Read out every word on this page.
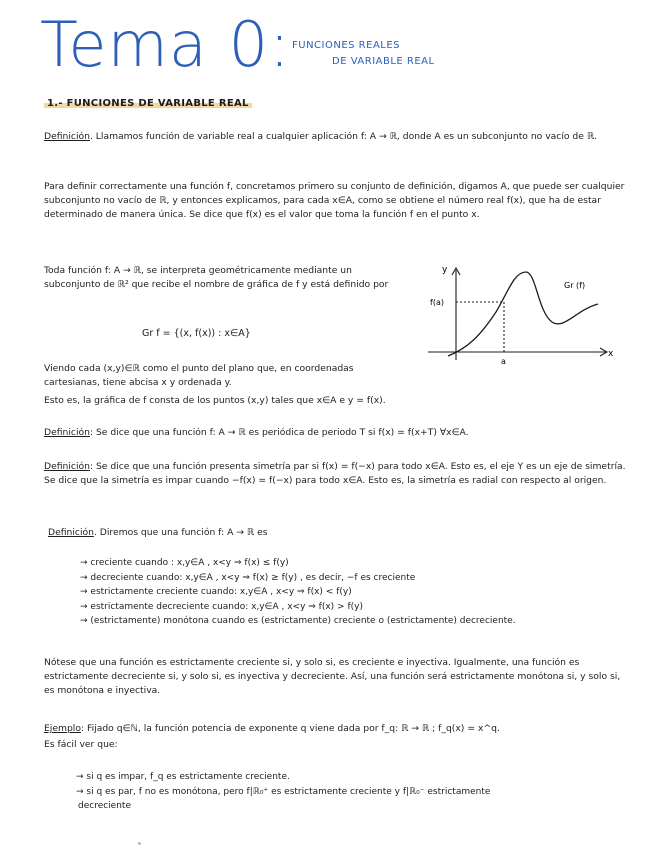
Tema 0: FUNCIONES REALES
DE VARIABLE REAL
1.- FUNCIONES DE VARIABLE REAL
Definición. Llamamos función de variable real a cualquier aplicación f: A → ℝ, donde A es un subconjunto no vacío de ℝ.
Para definir correctamente una función f, concretamos primero su conjunto de definición, digamos A, que puede ser cualquier subconjunto no vacío de ℝ, y entonces explicamos, para cada x∈A, como se obtiene el número real f(x), que ha de estar determinado de manera única. Se dice que f(x) es el valor que toma la función f en el punto x.
Toda función f: A → ℝ, se interpreta geométricamente mediante un subconjunto de ℝ² que recibe el nombre de gráfica de f y está definido por
Gr f = {(x, f(x)) : x∈A}
y
x
f(a)
a
Gr (f)
Viendo cada (x,y)∈ℝ como el punto del plano que, en coordenadas cartesianas, tiene abcisa x y ordenada y.
Esto es, la gráfica de f consta de los puntos (x,y) tales que x∈A e y = f(x).
Definición: Se dice que una función f: A → ℝ es periódica de periodo T si f(x) = f(x+T) ∀x∈A.
Definición: Se dice que una función presenta simetría par si f(x) = f(−x) para todo x∈A. Esto es, el eje Y es un eje de simetría. Se dice que la simetría es impar cuando −f(x) = f(−x) para todo x∈A. Esto es, la simetría es radial con respecto al origen.
Definición. Diremos que una función f: A → ℝ es
→ creciente cuando : x,y∈A , x<y ⇒ f(x) ≤ f(y)
→ decreciente cuando: x,y∈A , x<y ⇒ f(x) ≥ f(y) , es decir, −f es creciente
→ estrictamente creciente cuando: x,y∈A , x<y ⇒ f(x) < f(y)
→ estrictamente decreciente cuando: x,y∈A , x<y ⇒ f(x) > f(y)
→ (estrictamente) monótona cuando es (estrictamente) creciente o (estrictamente) decreciente.
Nótese que una función es estrictamente creciente si, y solo si, es creciente e inyectiva. Igualmente, una función es estrictamente decreciente si, y solo si, es inyectiva y decreciente. Así, una función será estrictamente monótona si, y solo si, es monótona e inyectiva.
Ejemplo: Fijado q∈ℕ, la función potencia de exponente q viene dada por f_q: ℝ → ℝ ; f_q(x) = x^q.
Es fácil ver que:
→ si q es impar, f_q es estrictamente creciente.
→ si q es par, f no es monótona, pero f|ℝ₀⁺ es estrictamente creciente y f|ℝ₀⁻ estrictamente
decreciente
